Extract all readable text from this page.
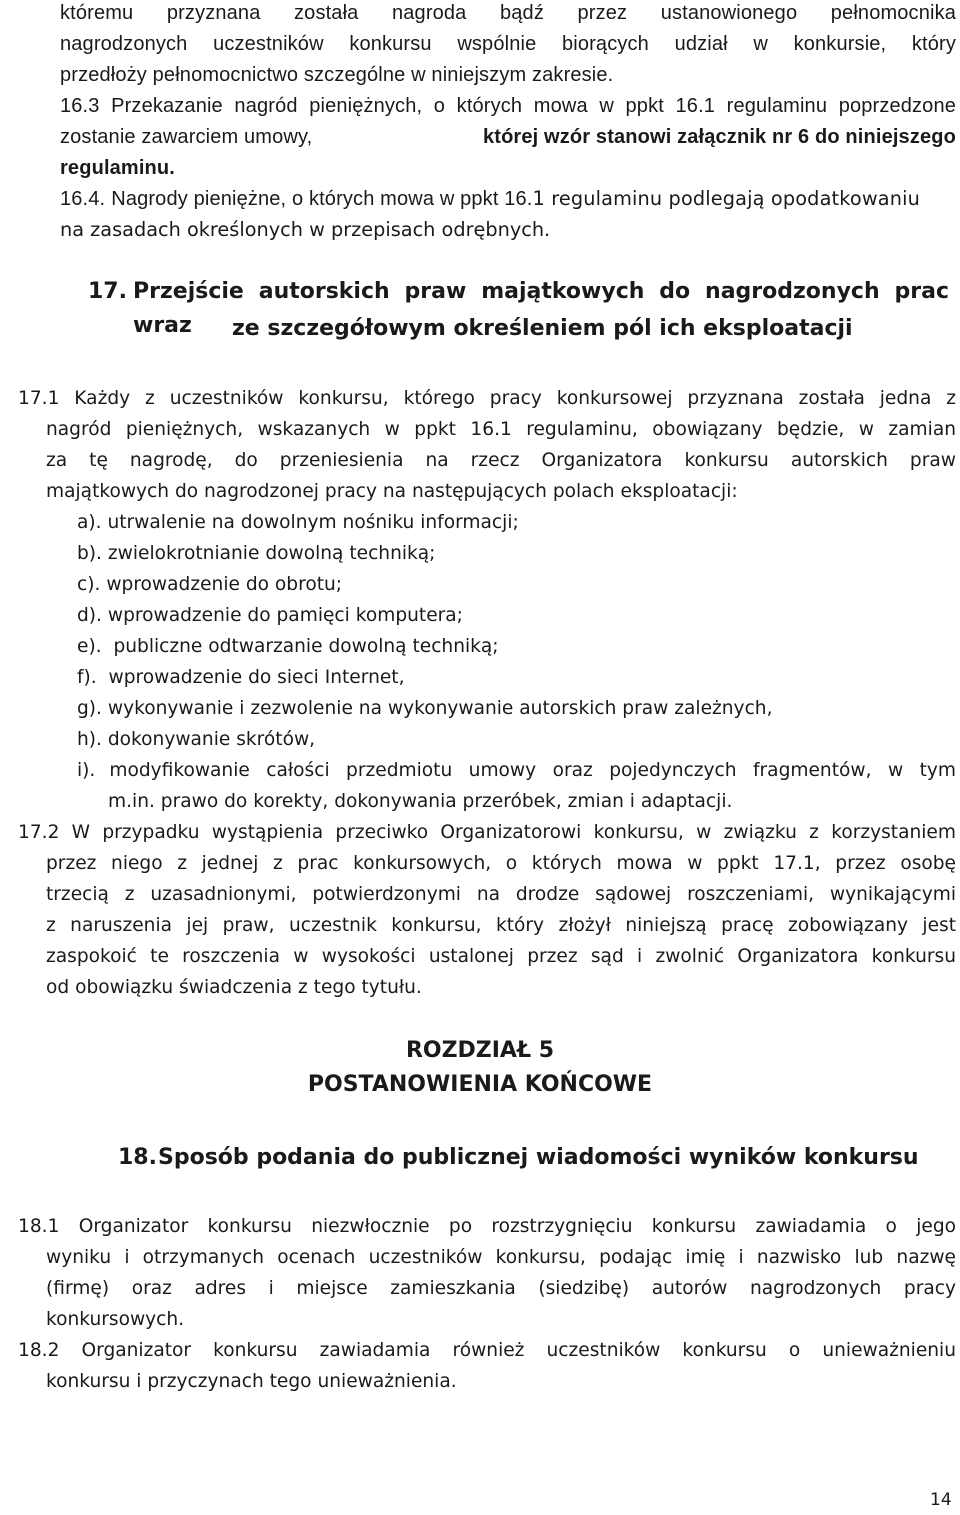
któremu przyznana została nagroda bądź przez ustanowionego pełnomocnika
nagrodzonych uczestników konkursu wspólnie biorących udział w konkursie, który
przedłoży pełnomocnictwo szczególne w niniejszym zakresie.
16.3 Przekazanie nagród pieniężnych, o których mowa w ppkt 16.1 regulaminu poprzedzone
zostanie zawarciem umowy,	której wzór stanowi załącznik nr 6 do niniejszego
regulaminu.
16.4. Nagrody pieniężne, o których mowa w ppkt 16. 1 regulaminu podlegają opodatkowaniu
na zasadach określonych w przepisach odrębnych.
17. Przejście autorskich praw majątkowych do nagrodzonych prac wraz	ze szczegółowym określeniem pól ich eksploatacji
17.1 Każdy z uczestników konkursu, którego pracy konkursowej przyznana została jedna z
nagród pieniężnych, wskazanych w ppkt 16.1 regulaminu, obowiązany będzie, w zamian
za tę nagrodę, do przeniesienia na rzecz Organizatora konkursu autorskich praw
majątkowych do nagrodzonej pracy na następujących polach eksploatacji:
a). utrwalenie na dowolnym nośniku informacji;
b). zwielokrotnianie dowolną techniką;
c). wprowadzenie do obrotu;
d). wprowadzenie do pamięci komputera;
e). publiczne odtwarzanie dowolną techniką;
f). wprowadzenie do sieci Internet,
g). wykonywanie i zezwolenie na wykonywanie autorskich praw zależnych,
h). dokonywanie skrótów,
i). modyfikowanie całości przedmiotu umowy oraz pojedynczych fragmentów, w tym
m.in. prawo do korekty, dokonywania przeróbek, zmian i adaptacji.
17.2 W przypadku wystąpienia przeciwko Organizatorowi konkursu, w związku z korzystaniem
przez niego z jednej z prac konkursowych, o których mowa w ppkt 17.1, przez osobę
trzecią z uzasadnionymi, potwierdzonymi na drodze sądowej roszczeniami, wynikającymi
z naruszenia jej praw, uczestnik konkursu, który złożył niniejszą pracę zobowiązany jest
zaspokoić te roszczenia w wysokości ustalonej przez sąd i zwolnić Organizatora konkursu
od obowiązku świadczenia z tego tytułu.
ROZDZIAŁ 5
POSTANOWIENIA KOŃCOWE
18. Sposób podania do publicznej wiadomości wyników konkursu
18.1 Organizator konkursu niezwłocznie po rozstrzygnięciu konkursu zawiadamia o jego
wyniku i otrzymanych ocenach uczestników konkursu, podając imię i nazwisko lub nazwę
(firmę) oraz adres i miejsce zamieszkania (siedzibę) autorów nagrodzonych pracy
konkursowych.
18.2 Organizator konkursu zawiadamia również uczestników konkursu o unieważnieniu
konkursu i przyczynach tego unieważnienia.
14
